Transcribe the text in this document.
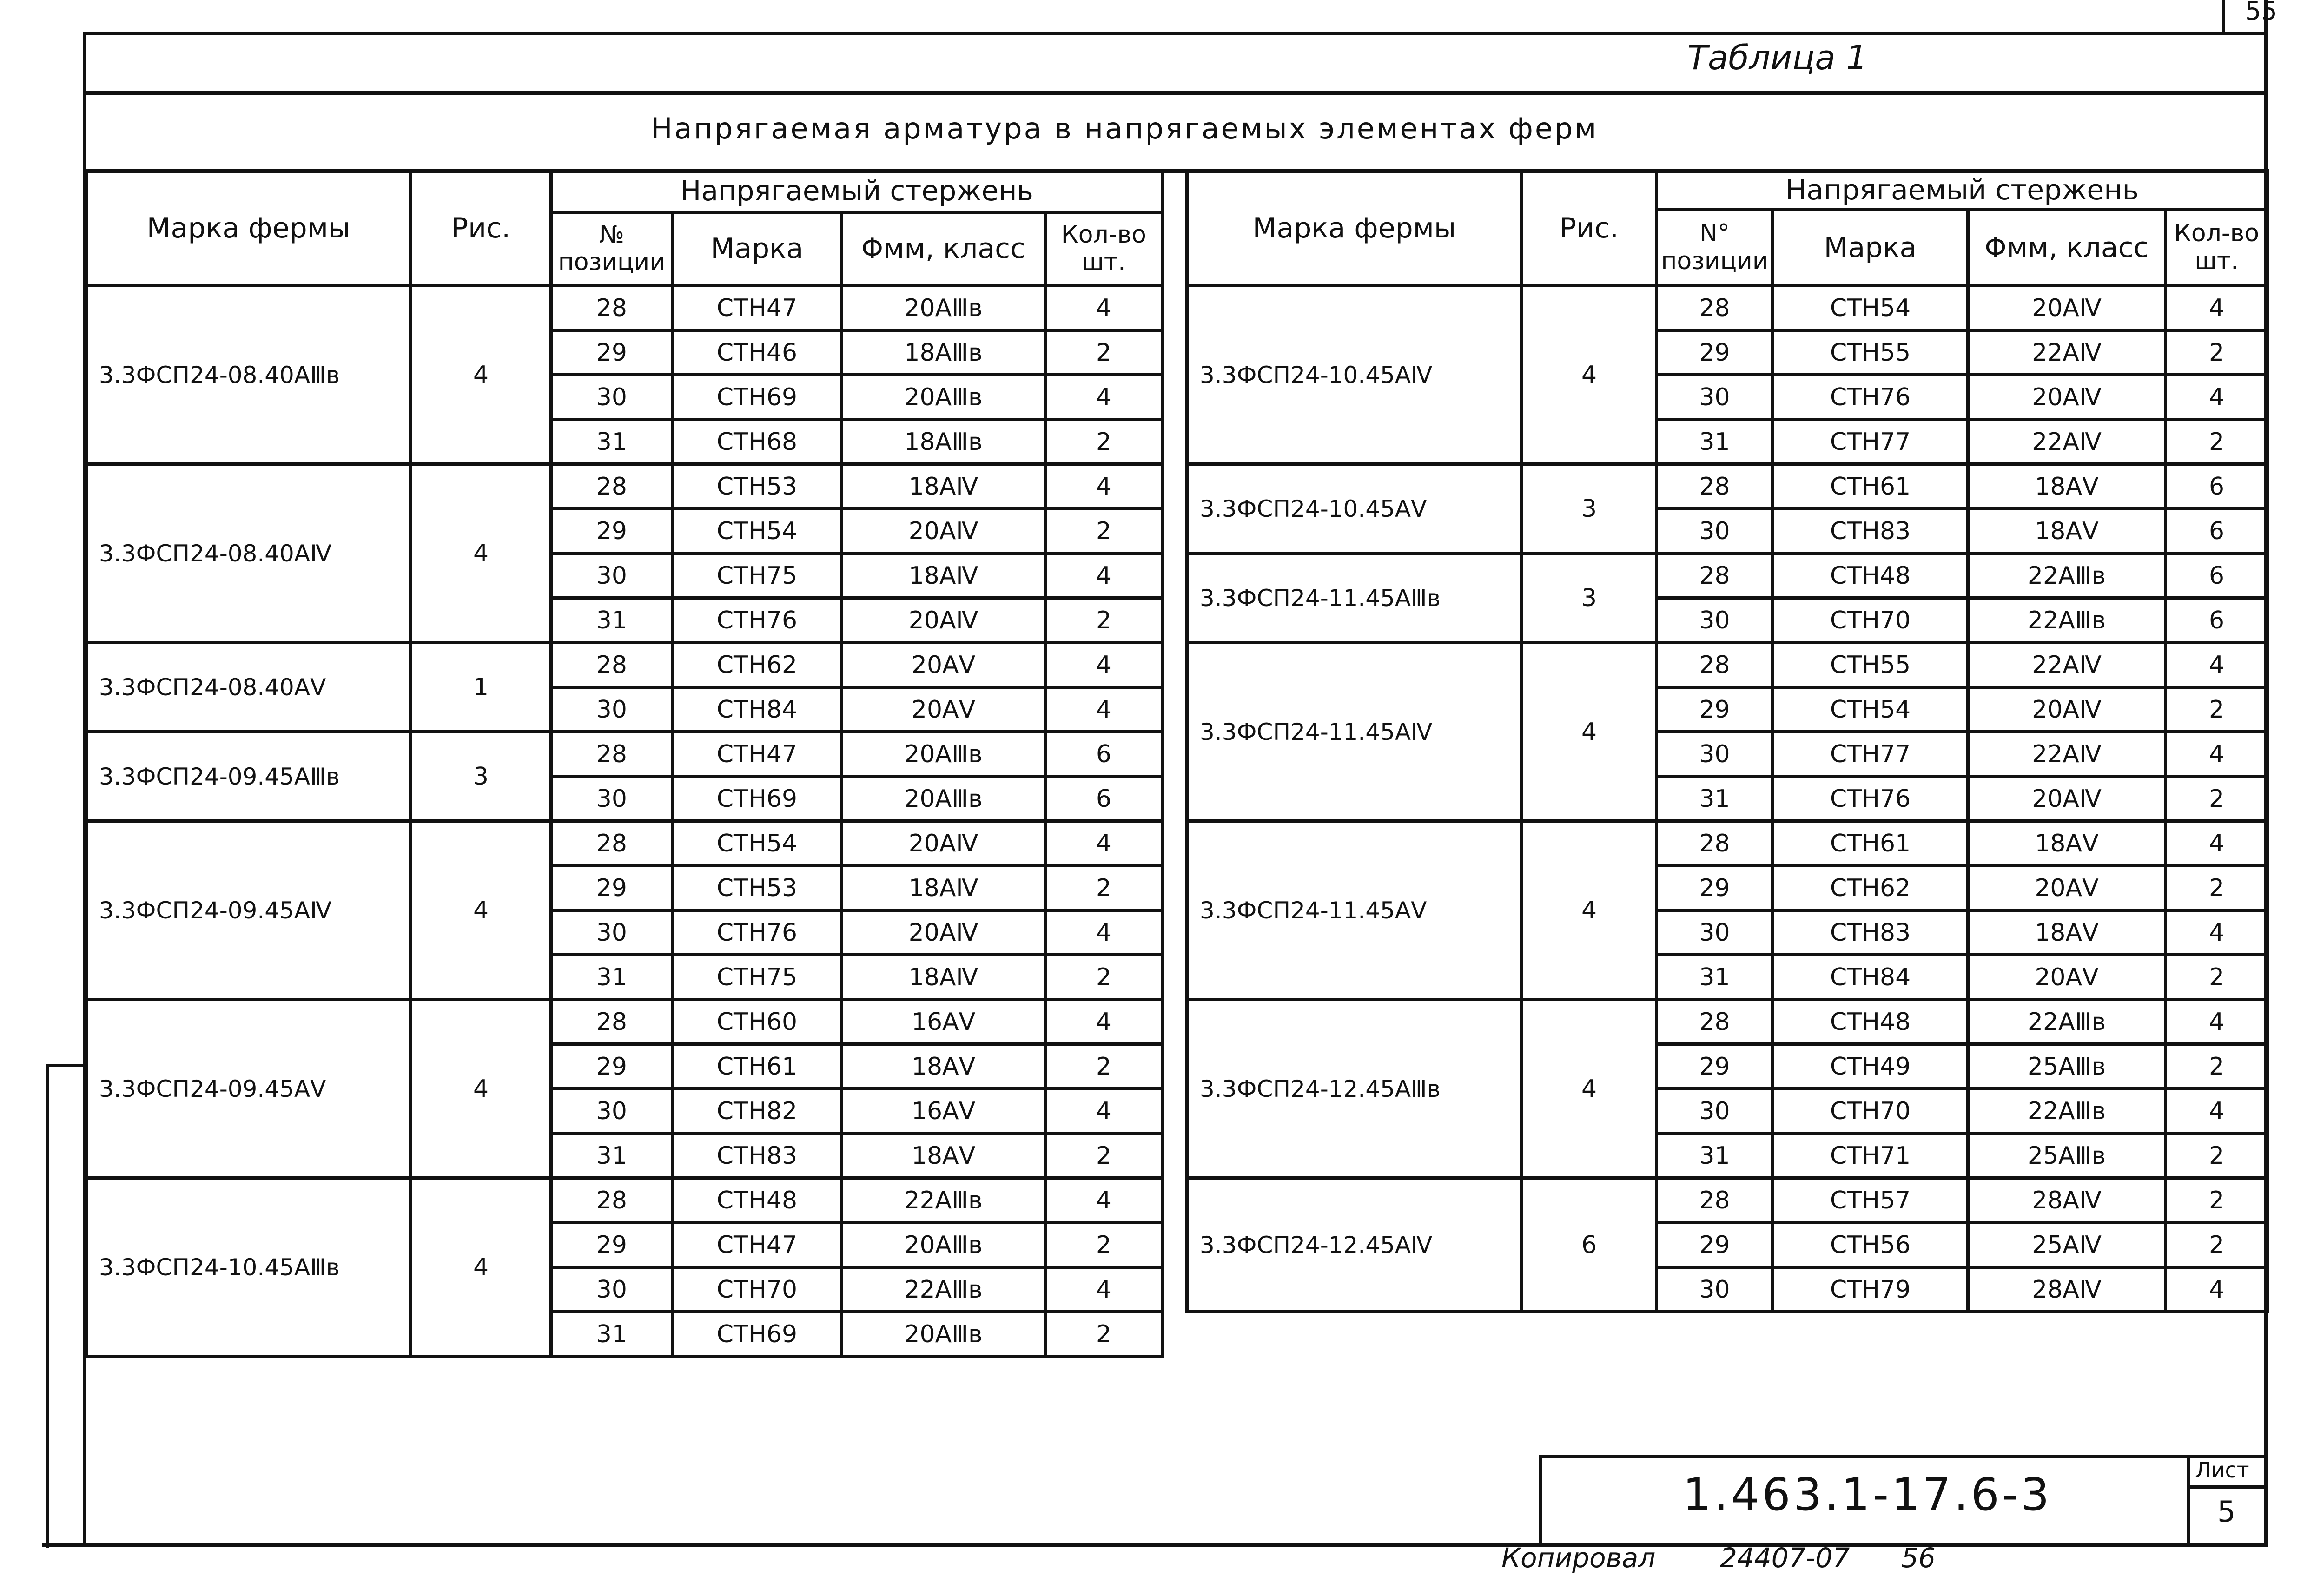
55
Таблица 1
Напрягаемая арматура в напрягаемых элементах ферм
Марка фермы	Рис.	Напрягаемый стержень			
		№ позиции	Марка	Φмм, класс	Кол-во шт.
3.3ФСП24-08.40АⅢв	4	28	СТН47	20АⅢв	4
		29	СТН46	18АⅢв	2
		30	СТН69	20АⅢв	4
		31	СТН68	18АⅢв	2
3.3ФСП24-08.40АⅣ	4	28	СТН53	18АⅣ	4
		29	СТН54	20АⅣ	2
		30	СТН75	18АⅣ	4
		31	СТН76	20АⅣ	2
3.3ФСП24-08.40АⅤ	1	28	СТН62	20АⅤ	4
		30	СТН84	20АⅤ	4
3.3ФСП24-09.45АⅢв	3	28	СТН47	20АⅢв	6
		30	СТН69	20АⅢв	6
3.3ФСП24-09.45АⅣ	4	28	СТН54	20АⅣ	4
		29	СТН53	18АⅣ	2
		30	СТН76	20АⅣ	4
		31	СТН75	18АⅣ	2
3.3ФСП24-09.45АⅤ	4	28	СТН60	16АⅤ	4
		29	СТН61	18АⅤ	2
		30	СТН82	16АⅤ	4
		31	СТН83	18АⅤ	2
3.3ФСП24-10.45АⅢв	4	28	СТН48	22АⅢв	4
		29	СТН47	20АⅢв	2
		30	СТН70	22АⅢв	4
		31	СТН69	20АⅢв	2
Марка фермы	Рис.	Напрягаемый стержень			
		N° позиции	Марка	Φмм, класс	Кол-во шт.
3.3ФСП24-10.45АⅣ	4	28	СТН54	20АⅣ	4
		29	СТН55	22АⅣ	2
		30	СТН76	20АⅣ	4
		31	СТН77	22АⅣ	2
3.3ФСП24-10.45АⅤ	3	28	СТН61	18АⅤ	6
		30	СТН83	18АⅤ	6
3.3ФСП24-11.45АⅢв	3	28	СТН48	22АⅢв	6
		30	СТН70	22АⅢв	6
3.3ФСП24-11.45АⅣ	4	28	СТН55	22АⅣ	4
		29	СТН54	20АⅣ	2
		30	СТН77	22АⅣ	4
		31	СТН76	20АⅣ	2
3.3ФСП24-11.45АⅤ	4	28	СТН61	18АⅤ	4
		29	СТН62	20АⅤ	2
		30	СТН83	18АⅤ	4
		31	СТН84	20АⅤ	2
3.3ФСП24-12.45АⅢв	4	28	СТН48	22АⅢв	4
		29	СТН49	25АⅢв	2
		30	СТН70	22АⅢв	4
		31	СТН71	25АⅢв	2
3.3ФСП24-12.45АⅣ	6	28	СТН57	28АⅣ	2
		29	СТН56	25АⅣ	2
		30	СТН79	28АⅣ	4
1.463.1-17.6-3	Лист
5
Копировал 24407-07 56
